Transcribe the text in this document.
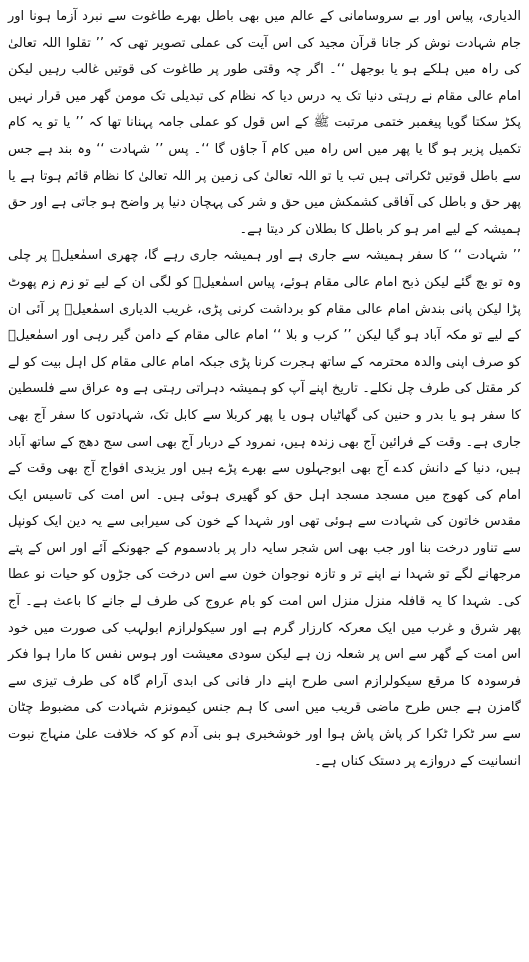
الدیاری، پیاس اور بے سروسامانی کے عالم میں بھی باطل بھرے طاغوت سے نبرد آزما ہونا اور جام شہادت نوش کر جانا قرآن مجید کی اس آیت کی عملی تصویر تھی کہ ’’ تقلوا اللہ تعالیٰ کی راہ میں ہلکے ہو یا بوجھل ‘‘۔ اگر چہ وقتی طور پر طاغوت کی قوتیں غالب رہیں لیکن امام عالی مقام نے رہتی دنیا تک یہ درس دیا کہ نظام کی تبدیلی تک مومن گھر میں قرار نہیں پکڑ سکتا گویا پیغمبر ختمی مرتبت ﷺ کے اس قول کو عملی جامہ پہنانا تھا کہ ’’ یا تو یہ کام تکمیل پزیر ہو گا یا پھر میں اس راہ میں کام آ جاؤں گا ‘‘۔ پس ’’ شہادت ‘‘ وہ بند ہے جس سے باطل قوتیں ٹکراتی ہیں تب یا تو اللہ تعالیٰ کی زمین پر اللہ تعالیٰ کا نظام قائم ہوتا ہے یا پھر حق و باطل کی آفاقی کشمکش میں حق و شر کی پہچان دنیا پر واضح ہو جاتی ہے اور حق ہمیشہ کے لیے امر ہو کر باطل کا بطلان کر دیتا ہے۔

’’ شہادت ‘‘ کا سفر ہمیشہ سے جاری ہے اور ہمیشہ جاری رہے گا، چھری اسمٰعیلؑ پر چلی وہ تو بچ گئے لیکن ذبح امام عالی مقام ہوئے، پیاس اسمٰعیلؑ کو لگی ان کے لیے تو زم زم پھوٹ پڑا لیکن پانی بندش امام عالی مقام کو برداشت کرنی پڑی، غریب الدیاری اسمٰعیلؑ پر آئی ان کے لیے تو مکہ آباد ہو گیا لیکن ’’ کرب و بلا ‘‘ امام عالی مقام کے دامن گیر رہی اور اسمٰعیلؑ کو صرف اپنی والدہ محترمہ کے ساتھ ہجرت کرنا پڑی جبکہ امام عالی مقام کل اہل بیت کو لے کر مقتل کی طرف چل نکلے۔ تاریخ اپنے آپ کو ہمیشہ دہراتی رہتی ہے وہ عراق سے فلسطین کا سفر ہو یا بدر و حنین کی گھاٹیاں ہوں یا پھر کربلا سے کابل تک، شہادتوں کا سفر آج بھی جاری ہے۔ وقت کے فرائین آج بھی زندہ ہیں، نمرود کے دربار آج بھی اسی سج دھج کے ساتھ آباد ہیں، دنیا کے دانش کدے آج بھی ابوجہلوں سے بھرے پڑے ہیں اور یزیدی افواج آج بھی وقت کے امام کی کھوج میں مسجد مسجد اہل حق کو گھیری ہوئی ہیں۔ اس امت کی تاسیس ایک مقدس خاتون کی شہادت سے ہوئی تھی اور شہدا کے خون کی سیرابی سے یہ دین ایک کونپل سے تناور درخت بنا اور جب بھی اس شجر سایہ دار پر بادسموم کے جھونکے آئے اور اس کے پتے مرجھانے لگے تو شہدا نے اپنے تر و تازہ نوجوان خون سے اس درخت کی جڑوں کو حیات نو عطا کی۔ شہدا کا یہ قافلہ منزل منزل اس امت کو بام عروج کی طرف لے جانے کا باعث ہے۔ آج پھر شرق و غرب میں ایک معرکہ کارزار گرم ہے اور سیکولرازم ابولہب کی صورت میں خود اس امت کے گھر سے اس پر شعلہ زن ہے لیکن سودی معیشت اور ہوس نفس کا مارا ہوا فکر فرسودہ کا مرقع سیکولرازم اسی طرح اپنے دار فانی کی ابدی آرام گاہ کی طرف تیزی سے گامزن ہے جس طرح ماضی قریب میں اسی کا ہم جنس کیمونزم شہادت کی مضبوط چٹان سے سر ٹکرا ٹکرا کر پاش پاش ہوا اور خوشخبری ہو بنی آدم کو کہ خلافت علیٰ منہاج نبوت انسانیت کے دروازے پر دستک کناں ہے۔
